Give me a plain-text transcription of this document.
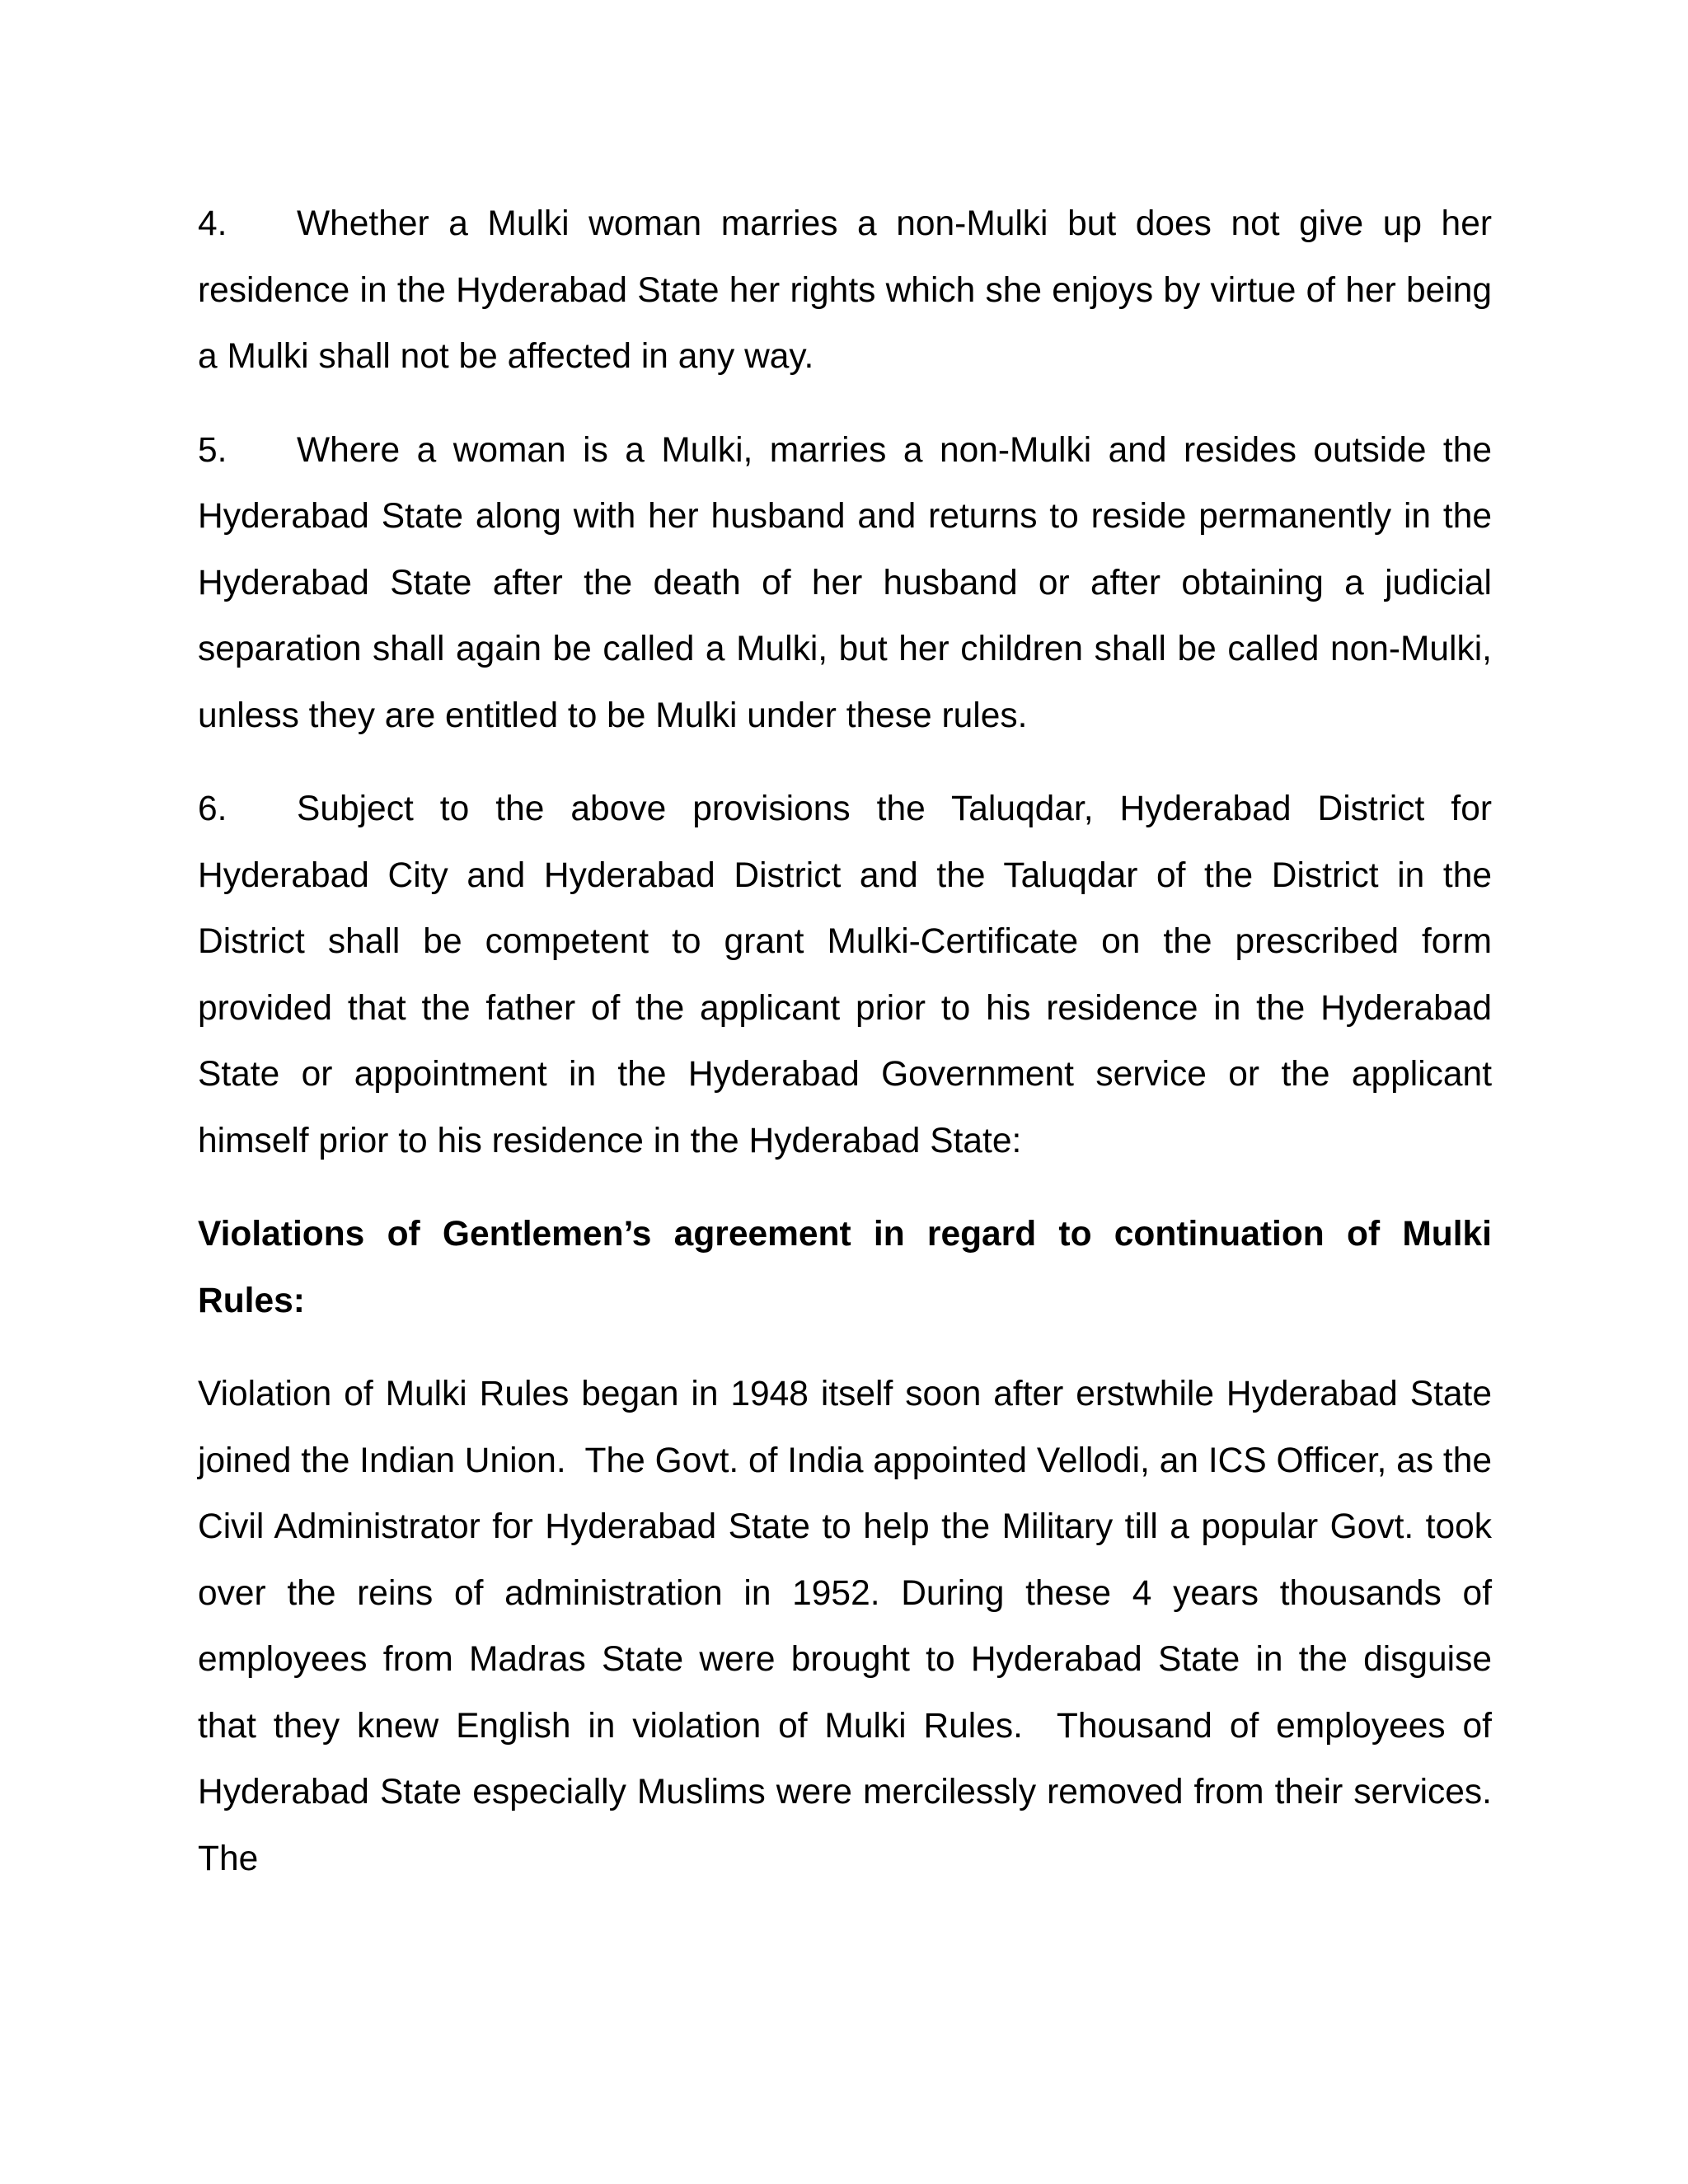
4. Whether a Mulki woman marries a non-Mulki but does not give up her residence in the Hyderabad State her rights which she enjoys by virtue of her being a Mulki shall not be affected in any way.

5. Where a woman is a Mulki, marries a non-Mulki and resides outside the Hyderabad State along with her husband and returns to reside permanently in the Hyderabad State after the death of her husband or after obtaining a judicial separation shall again be called a Mulki, but her children shall be called non-Mulki, unless they are entitled to be Mulki under these rules.

6. Subject to the above provisions the Taluqdar, Hyderabad District for Hyderabad City and Hyderabad District and the Taluqdar of the District in the District shall be competent to grant Mulki-Certificate on the prescribed form provided that the father of the applicant prior to his residence in the Hyderabad State or appointment in the Hyderabad Government service or the applicant himself prior to his residence in the Hyderabad State:

Violations of Gentlemen’s agreement in regard to continuation of Mulki Rules:

Violation of Mulki Rules began in 1948 itself soon after erstwhile Hyderabad State joined the Indian Union.  The Govt. of India appointed Vellodi, an ICS Officer, as the Civil Administrator for Hyderabad State to help the Military till a popular Govt. took over the reins of administration in 1952. During these 4 years thousands of employees from Madras State were brought to Hyderabad State in the disguise that they knew English in violation of Mulki Rules.  Thousand of employees of Hyderabad State especially Muslims were mercilessly removed from their services.  The
